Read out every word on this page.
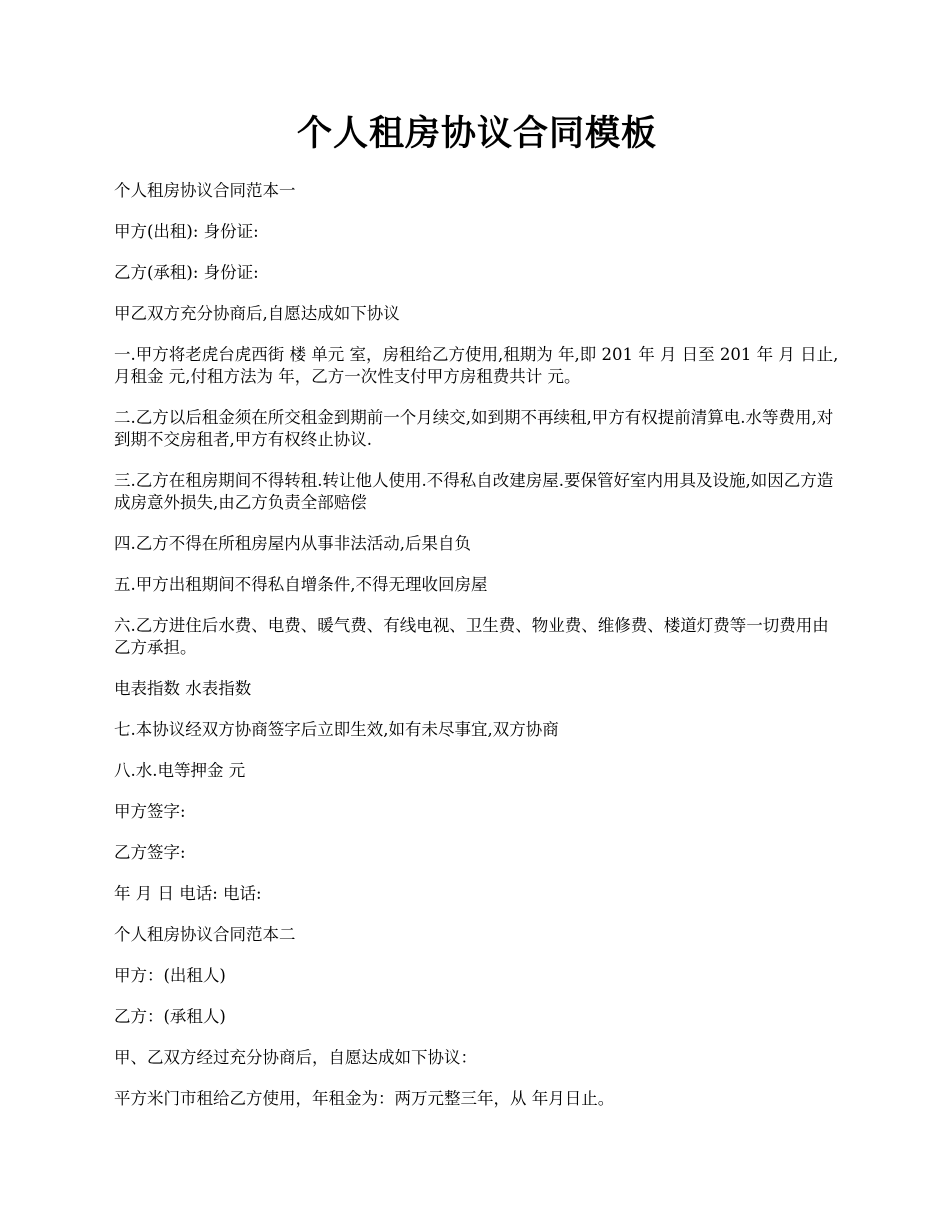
个人租房协议合同模板

个人租房协议合同范本一

甲方(出租): 身份证:

乙方(承租): 身份证:

甲乙双方充分协商后,自愿达成如下协议

一.甲方将老虎台虎西街 楼 单元 室，房租给乙方使用,租期为 年,即 201 年 月 日至 201 年 月 日止,月租金 元,付租方法为 年，乙方一次性支付甲方房租费共计 元。

二.乙方以后租金须在所交租金到期前一个月续交,如到期不再续租,甲方有权提前清算电.水等费用,对到期不交房租者,甲方有权终止协议.

三.乙方在租房期间不得转租.转让他人使用.不得私自改建房屋.要保管好室内用具及设施,如因乙方造成房意外损失,由乙方负责全部赔偿

四.乙方不得在所租房屋内从事非法活动,后果自负

五.甲方出租期间不得私自增条件,不得无理收回房屋

六.乙方进住后水费、电费、暖气费、有线电视、卫生费、物业费、维修费、楼道灯费等一切费用由乙方承担。

电表指数 水表指数

七.本协议经双方协商签字后立即生效,如有未尽事宜,双方协商

八.水.电等押金 元

甲方签字:

乙方签字:

年 月 日 电话: 电话:

个人租房协议合同范本二

甲方：(出租人)

乙方：(承租人)

甲、乙双方经过充分协商后，自愿达成如下协议：

平方米门市租给乙方使用，年租金为：两万元整三年，从 年月日止。
